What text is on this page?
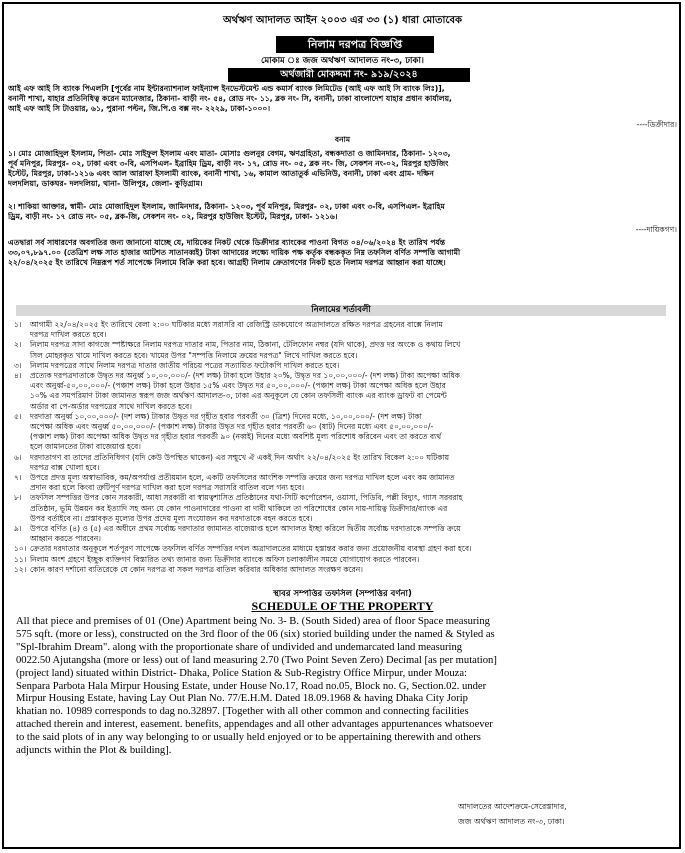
অর্থঋণ আদালত আইন ২০০৩ এর ৩৩ (১) ধারা মোতাবেক
নিলাম দরপত্র বিজ্ঞপ্তি
মোকাম ঃ জজ অর্থঋণ আদালত নং-৩, ঢাকা।
অর্থজারী মোকদ্দমা নং- ৯১৯/২০২৪
আই এফ আই সি ব্যাংক পিএলসি [পূর্বের নাম ইন্টারন্যাশনাল ফাইন্যান্স ইনভেস্টমেন্ট এন্ড কমার্স ব্যাংক লিমিটেড (আই এফ আই সি ব্যাংক লিঃ)],
বনানী শাখা, যাহার প্রতিনিধিত্ব করেন ম্যানেজার, ঠিকানা- বাড়ী নং- ৫৪, রোড নং- ১১, ব্লক নং- সি, বনানী, ঢাকা বাংলাদেশ যাহার প্রধান কার্যালয়,
আই এফ আই সি টাওয়ার, ৬১, পুরানা পল্টন, জি.পি.ও বক্স নং- ২২২৯, ঢাকা-১০০০।
----ডিক্রীদার।
বনাম
১। মোঃ মোজাহিদুল ইসলাম, পিতা- মোঃ সাইফুল ইসলাম এবং মাতা- মোসাঃ গুলনুর বেগম, ঋণগ্রহিতা, বন্ধকদাতা ও জামিনদার, ঠিকানা- ১২০৩,
পূর্ব মনিপুর, মিরপুর- ০২, ঢাকা এবং ৩-বি, এসপিএল- ইব্রাহিম ড্রিম, বাড়ী নং- ১৭, রোড নং- ০৫, ব্লক নং- জি, সেকশন নং-০২, মিরপুর হাউজিং
ইস্টেট, মিরপুর, ঢাকা-১২১৬ এবং আল আরাফা ইসলামী ব্যাংক, বনানী শাখা, ১৬, কামাল আতাতুর্ক এভিনিউ, বনানী, ঢাকা এবং গ্রাম- দক্ষিন
দলদলিয়া, ডাকঘর- দলদলিয়া, থানা- উলিপুর, জেলা- কুড়িগ্রাম।
২। শাকিয়া আক্তার, স্বামী- মোঃ মোজাহিদুল ইসলাম, জামিনদার, ঠিকানা- ১২০৩, পূর্ব মনিপুর, মিরপুর- ০২, ঢাকা এবং ৩-বি, এসপিএল- ইব্রাহিম
ড্রিম, বাড়ী নং- ১৭ রোড নং- ০৫, ব্লক-জি, সেকশন নং- ০২, মিরপুর হাউজিং ইস্টেট, মিরপুর, ঢাকা- ১২১৬।
----দায়িকগণ।
এতদ্বারা সর্ব সাধারণের অবগতির জন্য জানানো যাচ্ছে যে, দায়িকের নিকট থেকে ডিক্রীদার ব্যাংকের পাওনা বিগত ০৪/০৬/২০২৪ ইং তারিখ পর্যন্ত
৩৩,০৭,৮৯৭.০০ (তেত্রিশ লক্ষ সাত হাজার আটশত সাতানব্বই) টাকা আদায়ের লক্ষ্যে দায়িক পক্ষ কর্তৃক বন্ধককৃত নিম্ন তফসিল বর্ণিত সম্পত্তি আগামী
২২/০৪/২০২৫ ইং তারিখে নিম্নরূপ শর্ত সাপেক্ষে নিলামে বিক্রি করা হবে। আগ্রহী নিলাম ক্রেতাগণের নিকট হতে নিলাম দরপত্র আহ্বান করা যাচ্ছে।
নিলামের শর্তাবলী
১। আগামী ২২/০৪/২০২৫ ইং তারিখে বেলা ২:০০ ঘটিকার মধ্যে সরাসরি বা রেজিস্ট্রি ডাকযোগে অত্রাদালতে রক্ষিত দরপত্র গ্রহনের বাক্সে নিলাম
দরপত্র দাখিল করতে হবে।
২। নিলাম দরপত্র সাদা কাগজে স্পষ্টাক্ষরে নিলাম দরপত্র দাতার নাম, পিতার নাম, ঠিকানা, টেলিফোন নম্বর (যদি থাকে), প্রদত্ত দর অংকে ও কথায় লিখে
সিল মোহরকৃত খামে দাখিল করতে হবে। খামের উপর "সম্পত্তি নিলামে ক্রয়ের দরপত্র" লিখে দাখিল করতে হবে।
৩। নিলাম দরপত্রের সাথে নিলাম দরপত্র দাতার জাতীয় পরিচয় পত্রের সত্যায়িত ফটোকপি দাখিল করতে হবে।
৪। প্রত্যেক দরপত্রদাতাকে উদ্বৃত দর অনুর্ধ্ব ১০,০০,০০০/- (দশ লক্ষ) টাকা হলে উহার ২০%, উদ্বৃত দর ১০,০০,০০০/- (দশ লক্ষ) টাকা অপেক্ষা অধিক
এবং অনুর্ধ্ব-৫০,০০,০০০/- (পঞ্চাশ লক্ষ) টাকা হলে উহার ১৫% এবং উদ্বৃত দর ৫০,০০,০০০/- (পঞ্চাশ লক্ষ) টাকা অপেক্ষা অধিক হলে উহার
১০% এর সমপরিমাণ টাকা জামানত স্বরূপ জজ অর্থঋণ আদালত-৩, ঢাকা এর অনুকূলে যে কোন তফসিলী ব্যাংক এর ব্যাংক ড্রাফট বা পেমেন্ট
অর্ডার বা পে-অর্ডার দরপত্রের সাথে দাখিল করতে হবে।
৫। দরদাতা অনুর্ধ্ব ১০,০০,০০০/- (দশ লক্ষ) টাকার উদ্বৃত দর গৃহীত হবার পরবর্তী ৩০ (ত্রিশ) দিনের মধ্যে, ১০,০০,০০০/- (দশ লক্ষ) টাকা
অপেক্ষা অধিক এবং অনুর্ধ্ব ৫০,০০,০০০/- (পঞ্চাশ লক্ষ) টাকার উদ্বৃত দর গৃহীত হবার পরবর্তী ৬০ (ষাট) দিনের মধ্যে এবং ৫০,০০,০০০/-
(পঞ্চাশ লক্ষ) টাকা অপেক্ষা অধিক উদ্বৃত দর গৃহীত হবার পরবর্তী ৯০ (নব্বই) দিনের মধ্যে অবশিষ্ট মূল্য পরিশোধ করিবেন এবং তা করতে ব্যর্থ
হলে জামানতের টাকা বাজেয়াপ্ত হবে।
৬। দরদাতাগণ বা তাদের প্রতিনিধিগণ (যদি কেউ উপস্থিত থাকেন) এর সম্মুখে ঐ একই দিন অর্থাৎ ২২/০৪/২০২৫ ইং তারিখ বিকেল ২:০০ ঘটিকায়
দরপত্র বাক্স খোলা হবে।
৭। উপরে প্রদত্ত মূল্য অস্বাভাবিক, কম/অপর্যাপ্ত প্রতীয়মান হলে, একটি তফসিলের আংশিক সম্পত্তি ক্রয়ের জন্য দরপত্র দাখিল হলে এবং কম জামানত
প্রদান করা হলে কিংবা ত্রুটিপূর্ণ দরপত্র দাখিল করা হলে দরপত্র সরাসরি বাতিল বলে গন্য হবে।
৮। তফসিল সম্পত্তির উপর কোন সরকারী, আধা সরকারী বা স্বায়ত্বশাসিত প্রতিষ্ঠানের যথা-সিটি কর্পোরেশন, ওয়াসা, পিডিবি, পল্লী বিদ্যুৎ, গ্যাস সরবরাহ
প্রতিষ্ঠান, ভূমি উন্নয়ন কর ইত্যাদি সহ অন্য যে কোন পাওনাদারের পাওনা বা দাবী থাকিলে তা পরিশোধের কোন দায়-দায়িত্ব ডিক্রীদার/ব্যাংক এর
উপর বর্তাইবে না। প্রস্তাবকৃত মূল্যের উপর প্রদেয় মূল্য সংযোজন কর দরদাতাকে বহন করতে হবে।
৯। উপরে বর্ণিত (৪) ও (৫) এর অধীনে প্রথম সর্বোচ্চ দরদাতার জামানত বাজেয়াপ্ত হলে আদালত ইচ্ছা করিলে দ্বিতীয় সর্বোচ্চ দরদাতাকে সম্পত্তি ক্রয়ে
আহ্বান করতে পারবেন।
১০। ক্রেতার দরদাতার অনুকূলে শর্তপূরণ সাপেক্ষে তফসিল বর্ণিত সম্পত্তির দখল অত্রাদালতের মাধ্যমে হস্তান্তর করার জন্য প্রয়োজনীয় ব্যবস্থা গ্রহণ করা হবে।
১১। নিলাম অংশ গ্রহণে ইচ্ছুক ব্যক্তিগণ বিস্তারিত তথ্য জানার জন্য ডিক্রীদার ব্যাংকে অফিস চলাকালীন সময়ে যোগাযোগ করতে পারবেন।
১২। কোন কারণ দর্শানো ব্যতিরেকে যে কোন দরপত্র বা সকল দরপত্র বাতিল করিবার অধিকার আদালত সংরক্ষণ করেন।
স্থাবর সম্পত্তির তফসিল (সম্পত্তির বর্ণনা)
SCHEDULE OF THE PROPERTY
All that piece and premises of 01 (One) Apartment being No. 3- B. (South Sided) area of floor Space measuring
575 sqft. (more or less), constructed on the 3rd floor of the 06 (six) storied building under the named & Styled as
"Spl-Ibrahim Dream". along with the proportionate share of undivided and undemarcated land measuring
0022.50 Ajutangsha (more or less) out of land measuring 2.70 (Two Point Seven Zero) Decimal [as per mutation]
(project land) situated within District- Dhaka, Police Station & Sub-Registry Office Mirpur, under Mouza:
Senpara Parbota Hala Mirpur Housing Estate, under House No.17, Road no.05, Block no. G, Section.02. under
Mirpur Housing Estate, having Lay Out Plan No. 77/E.H.M. Dated 18.09.1968 & having Dhaka City Jorip
khatian no. 10989 corresponds to dag no.32897. [Together with all other common and connecting facilities
attached therein and interest, easement. benefits, appendages and all other advantages appurtenances whatsoever
to the said plots of in any way belonging to or usually held enjoyed or to be appertaining therewith and others
adjuncts within the Plot & building].
আদালতের আদেশক্রমে-সেরেস্তাদার,
জজ অর্থঋণ আদালত নং-৩, ঢাকা।
